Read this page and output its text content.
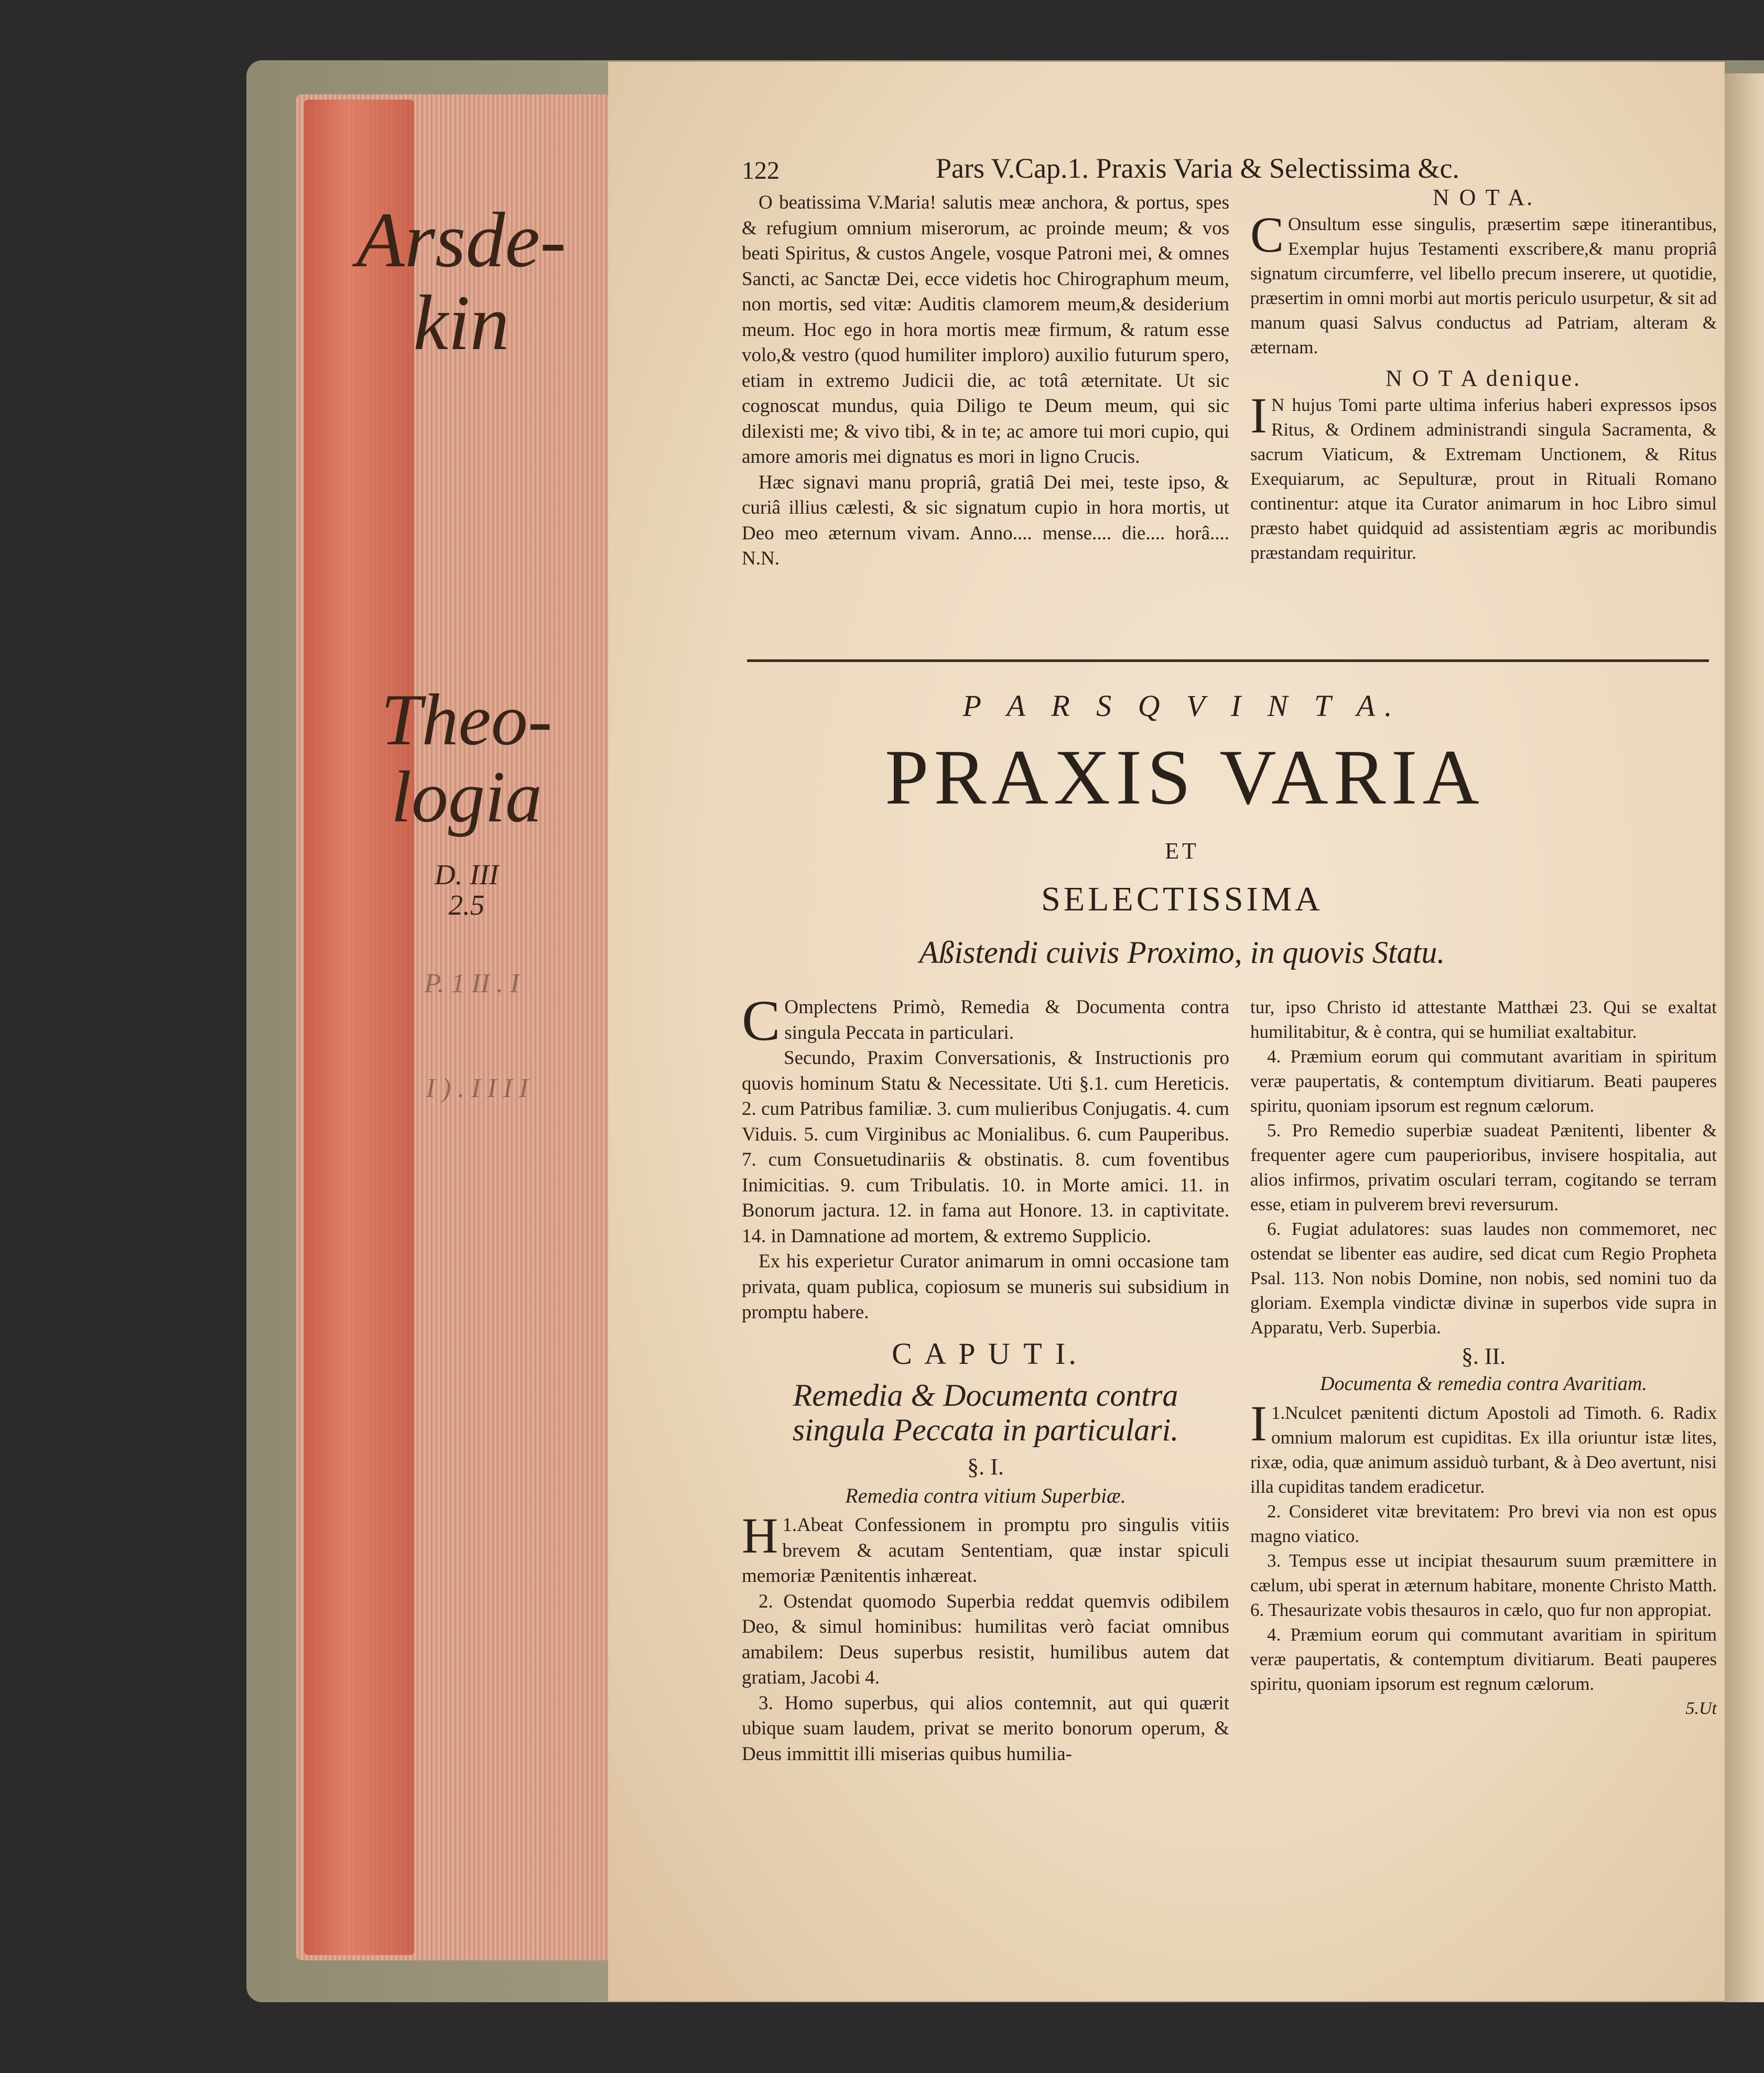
Arsde-
kin
Theo-
logia
D. III
2.5
P. 1 II . I
I ) . I I I I
122	Pars V.Cap.1. Praxis Varia & Selectissima &c.

O beatissima V.Maria! salutis meæ anchora, & portus, spes & refugium omnium miserorum, ac proinde meum; & vos beati Spiritus, & custos Angele, vosque Patroni mei, & omnes Sancti, ac Sanctæ Dei, ecce videtis hoc Chirographum meum, non mortis, sed vitæ: Auditis clamorem meum,& desiderium meum. Hoc ego in hora mortis meæ firmum, & ratum esse volo,& vestro (quod humiliter imploro) auxilio futurum spero, etiam in extremo Judicii die, ac totâ æternitate. Ut sic cognoscat mundus, quia Diligo te Deum meum, qui sic dilexisti me; & vivo tibi, & in te; ac amore tui mori cupio, qui amore amoris mei dignatus es mori in ligno Crucis.

Hæc signavi manu propriâ, gratiâ Dei mei, teste ipso, & curiâ illius cælesti, & sic signatum cupio in hora mortis, ut Deo meo æternum vivam. Anno.... mense.... die.... horâ.... N.N.

N O T A.

C Onsultum esse singulis, præsertim sæpe itinerantibus, Exemplar hujus Testamenti exscribere,& manu propriâ signatum circumferre, vel libello precum inserere, ut quotidie, præsertim in omni morbi aut mortis periculo usurpetur, & sit ad manum quasi Salvus conductus ad Patriam, alteram & æternam.

N O T A denique.

I N hujus Tomi parte ultima inferius haberi expressos ipsos Ritus, & Ordinem administrandi singula Sacramenta, & sacrum Viaticum, & Extremam Unctionem, & Ritus Exequiarum, ac Sepulturæ, prout in Rituali Romano continentur: atque ita Curator animarum in hoc Libro simul præsto habet quidquid ad assistentiam ægris ac moribundis præstandam requiritur.

P A R S Q V I N T A.
PRAXIS VARIA
ET
SELECTISSIMA
Aßistendi cuivis Proximo, in quovis Statu.

C Omplectens Primò, Remedia & Documenta contra singula Peccata in particulari.

Secundo, Praxim Conversationis, & Instructionis pro quovis hominum Statu & Necessitate. Uti §.1. cum Hereticis. 2. cum Patribus familiæ. 3. cum mulieribus Conjugatis. 4. cum Viduis. 5. cum Virginibus ac Monialibus. 6. cum Pauperibus. 7. cum Consuetudinariis & obstinatis. 8. cum foventibus Inimicitias. 9. cum Tribulatis. 10. in Morte amici. 11. in Bonorum jactura. 12. in fama aut Honore. 13. in captivitate. 14. in Damnatione ad mortem, & extremo Supplicio.

Ex his experietur Curator animarum in omni occasione tam privata, quam publica, copiosum se muneris sui subsidium in promptu habere.

C A P U T I.
Remedia & Documenta contra singula Peccata in particulari.
§. I.
Remedia contra vitium Superbiæ.

1.
H Abeat Confessionem in promptu pro singulis vitiis brevem & acutam Sententiam, quæ instar spiculi memoriæ Pænitentis inhæreat.

2. Ostendat quomodo Superbia reddat quemvis odibilem Deo, & simul hominibus: humilitas verò faciat omnibus amabilem: Deus superbus resistit, humilibus autem dat gratiam, Jacobi 4.

3. Homo superbus, qui alios contemnit, aut qui quærit ubique suam laudem, privat se merito bonorum operum, & Deus immittit illi miserias quibus humilia-

tur, ipso Christo id attestante Matthæi 23. Qui se exaltat humilitabitur, & è contra, qui se humiliat exaltabitur.

4. Præmium eorum qui commutant avaritiam in spiritum veræ paupertatis, & contemptum divitiarum. Beati pauperes spiritu, quoniam ipsorum est regnum cælorum.

5. Pro Remedio superbiæ suadeat Pænitenti, libenter & frequenter agere cum pauperioribus, invisere hospitalia, aut alios infirmos, privatim osculari terram, cogitando se terram esse, etiam in pulverem brevi reversurum.

6. Fugiat adulatores: suas laudes non commemoret, nec ostendat se libenter eas audire, sed dicat cum Regio Propheta Psal. 113. Non nobis Domine, non nobis, sed nomini tuo da gloriam. Exempla vindictæ divinæ in superbos vide supra in Apparatu, Verb. Superbia.

§. II.
Documenta & remedia contra Avaritiam.

1.
I Nculcet pænitenti dictum Apostoli ad Timoth. 6. Radix omnium malorum est cupiditas. Ex illa oriuntur istæ lites, rixæ, odia, quæ animum assiduò turbant, & à Deo avertunt, nisi illa cupiditas tandem eradicetur.

2. Consideret vitæ brevitatem: Pro brevi via non est opus magno viatico.

3. Tempus esse ut incipiat thesaurum suum præmittere in cælum, ubi sperat in æternum habitare, monente Christo Matth. 6. Thesaurizate vobis thesauros in cælo, quo fur non appropiat.

4. Præmium eorum qui commutant avaritiam in spiritum veræ paupertatis, & contemptum divitiarum. Beati pauperes spiritu, quoniam ipsorum est regnum cælorum.

5.Ut
